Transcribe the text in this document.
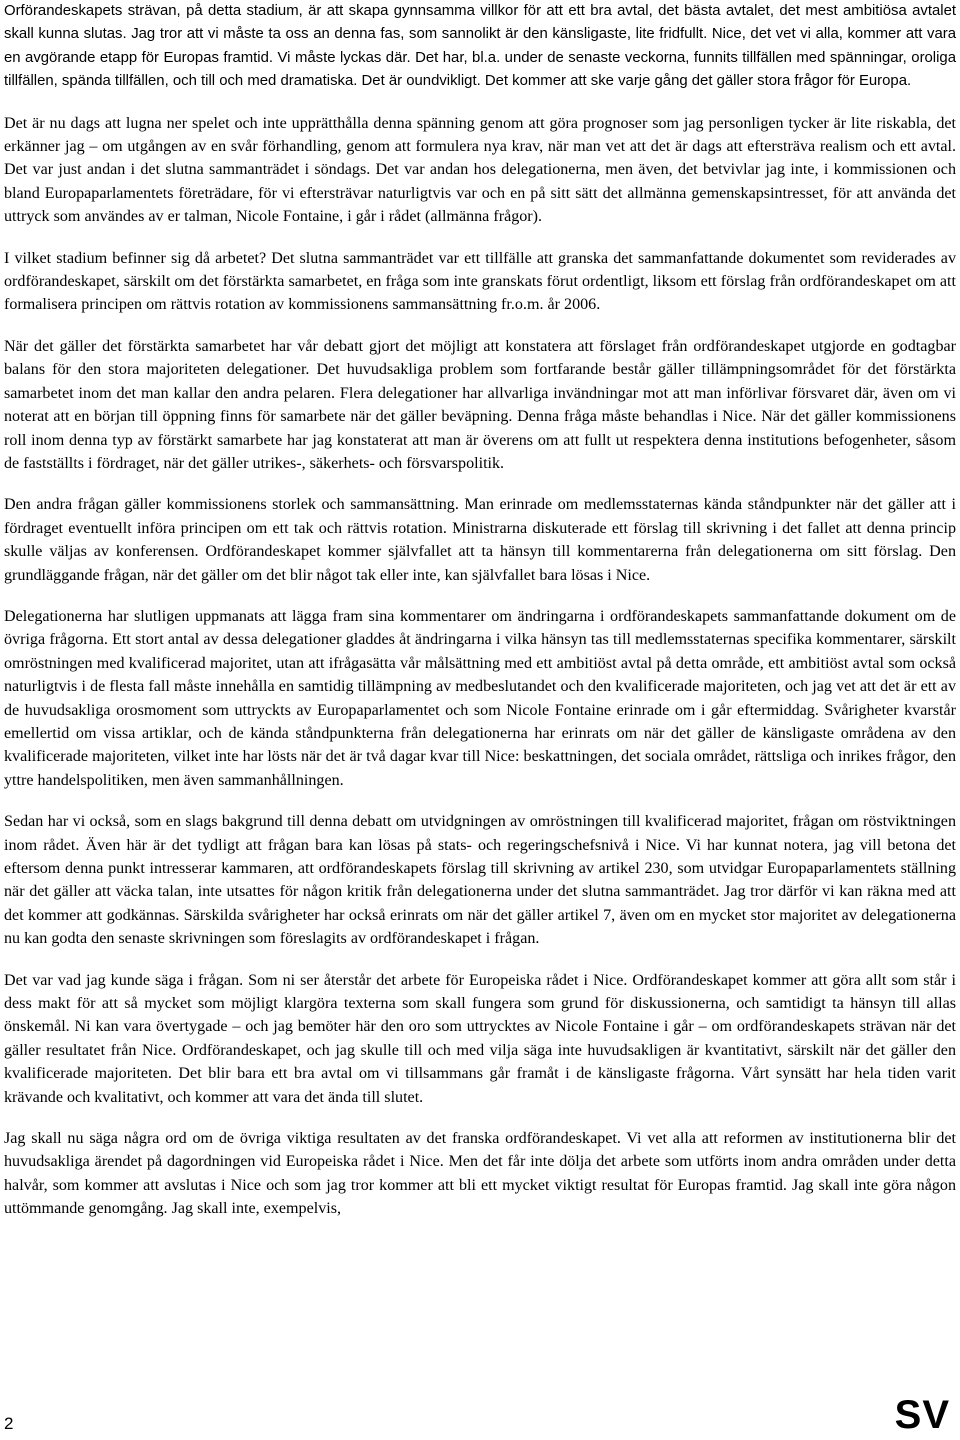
Orförandeskapets strävan, på detta stadium, är att skapa gynnsamma villkor för att ett bra avtal, det bästa avtalet, det mest ambitiösa avtalet skall kunna slutas. Jag tror att vi måste ta oss an denna fas, som sannolikt är den känsligaste, lite fridfullt. Nice, det vet vi alla, kommer att vara en avgörande etapp för Europas framtid. Vi måste lyckas där. Det har, bl.a. under de senaste veckorna, funnits tillfällen med spänningar, oroliga tillfällen, spända tillfällen, och till och med dramatiska. Det är oundvikligt. Det kommer att ske varje gång det gäller stora frågor för Europa.

Det är nu dags att lugna ner spelet och inte upprätthålla denna spänning genom att göra prognoser som jag personligen tycker är lite riskabla, det erkänner jag – om utgången av en svår förhandling, genom att formulera nya krav, när man vet att det är dags att eftersträva realism och ett avtal. Det var just andan i det slutna sammanträdet i söndags. Det var andan hos delegationerna, men även, det betvivlar jag inte, i kommissionen och bland Europaparlamentets företrädare, för vi eftersträvar naturligtvis var och en på sitt sätt det allmänna gemenskapsintresset, för att använda det uttryck som användes av er talman, Nicole Fontaine, i går i rådet (allmänna frågor).

I vilket stadium befinner sig då arbetet? Det slutna sammanträdet var ett tillfälle att granska det sammanfattande dokumentet som reviderades av ordförandeskapet, särskilt om det förstärkta samarbetet, en fråga som inte granskats förut ordentligt, liksom ett förslag från ordförandeskapet om att formalisera principen om rättvis rotation av kommissionens sammansättning fr.o.m. år 2006.

När det gäller det förstärkta samarbetet har vår debatt gjort det möjligt att konstatera att förslaget från ordförandeskapet utgjorde en godtagbar balans för den stora majoriteten delegationer. Det huvudsakliga problem som fortfarande består gäller tillämpningsområdet för det förstärkta samarbetet inom det man kallar den andra pelaren. Flera delegationer har allvarliga invändningar mot att man införlivar försvaret där, även om vi noterat att en början till öppning finns för samarbete när det gäller beväpning. Denna fråga måste behandlas i Nice. När det gäller kommissionens roll inom denna typ av förstärkt samarbete har jag konstaterat att man är överens om att fullt ut respektera denna institutions befogenheter, såsom de fastställts i fördraget, när det gäller utrikes-, säkerhets- och försvarspolitik.

Den andra frågan gäller kommissionens storlek och sammansättning. Man erinrade om medlemsstaternas kända ståndpunkter när det gäller att i fördraget eventuellt införa principen om ett tak och rättvis rotation. Ministrarna diskuterade ett förslag till skrivning i det fallet att denna princip skulle väljas av konferensen. Ordförandeskapet kommer självfallet att ta hänsyn till kommentarerna från delegationerna om sitt förslag. Den grundläggande frågan, när det gäller om det blir något tak eller inte, kan självfallet bara lösas i Nice.

Delegationerna har slutligen uppmanats att lägga fram sina kommentarer om ändringarna i ordförandeskapets sammanfattande dokument om de övriga frågorna. Ett stort antal av dessa delegationer gladdes åt ändringarna i vilka hänsyn tas till medlemsstaternas specifika kommentarer, särskilt omröstningen med kvalificerad majoritet, utan att ifrågasätta vår målsättning med ett ambitiöst avtal på detta område, ett ambitiöst avtal som också naturligtvis i de flesta fall måste innehålla en samtidig tillämpning av medbeslutandet och den kvalificerade majoriteten, och jag vet att det är ett av de huvudsakliga orosmoment som uttryckts av Europaparlamentet och som Nicole Fontaine erinrade om i går eftermiddag. Svårigheter kvarstår emellertid om vissa artiklar, och de kända ståndpunkterna från delegationerna har erinrats om när det gäller de känsligaste områdena av den kvalificerade majoriteten, vilket inte har lösts när det är två dagar kvar till Nice: beskattningen, det sociala området, rättsliga och inrikes frågor, den yttre handelspolitiken, men även sammanhållningen.

Sedan har vi också, som en slags bakgrund till denna debatt om utvidgningen av omröstningen till kvalificerad majoritet, frågan om röstviktningen inom rådet. Även här är det tydligt att frågan bara kan lösas på stats- och regeringschefsnivå i Nice. Vi har kunnat notera, jag vill betona det eftersom denna punkt intresserar kammaren, att ordförandeskapets förslag till skrivning av artikel 230, som utvidgar Europaparlamentets ställning när det gäller att väcka talan, inte utsattes för någon kritik från delegationerna under det slutna sammanträdet. Jag tror därför vi kan räkna med att det kommer att godkännas. Särskilda svårigheter har också erinrats om när det gäller artikel 7, även om en mycket stor majoritet av delegationerna nu kan godta den senaste skrivningen som föreslagits av ordförandeskapet i frågan.

Det var vad jag kunde säga i frågan. Som ni ser återstår det arbete för Europeiska rådet i Nice. Ordförandeskapet kommer att göra allt som står i dess makt för att så mycket som möjligt klargöra texterna som skall fungera som grund för diskussionerna, och samtidigt ta hänsyn till allas önskemål. Ni kan vara övertygade – och jag bemöter här den oro som uttrycktes av Nicole Fontaine i går – om ordförandeskapets strävan när det gäller resultatet från Nice. Ordförandeskapet, och jag skulle till och med vilja säga inte huvudsakligen är kvantitativt, särskilt när det gäller den kvalificerade majoriteten. Det blir bara ett bra avtal om vi tillsammans går framåt i de känsligaste frågorna. Vårt synsätt har hela tiden varit krävande och kvalitativt, och kommer att vara det ända till slutet.

Jag skall nu säga några ord om de övriga viktiga resultaten av det franska ordförandeskapet. Vi vet alla att reformen av institutionerna blir det huvudsakliga ärendet på dagordningen vid Europeiska rådet i Nice. Men det får inte dölja det arbete som utförts inom andra områden under detta halvår, som kommer att avslutas i Nice och som jag tror kommer att bli ett mycket viktigt resultat för Europas framtid. Jag skall inte göra någon uttömmande genomgång. Jag skall inte, exempelvis,

2	SV
